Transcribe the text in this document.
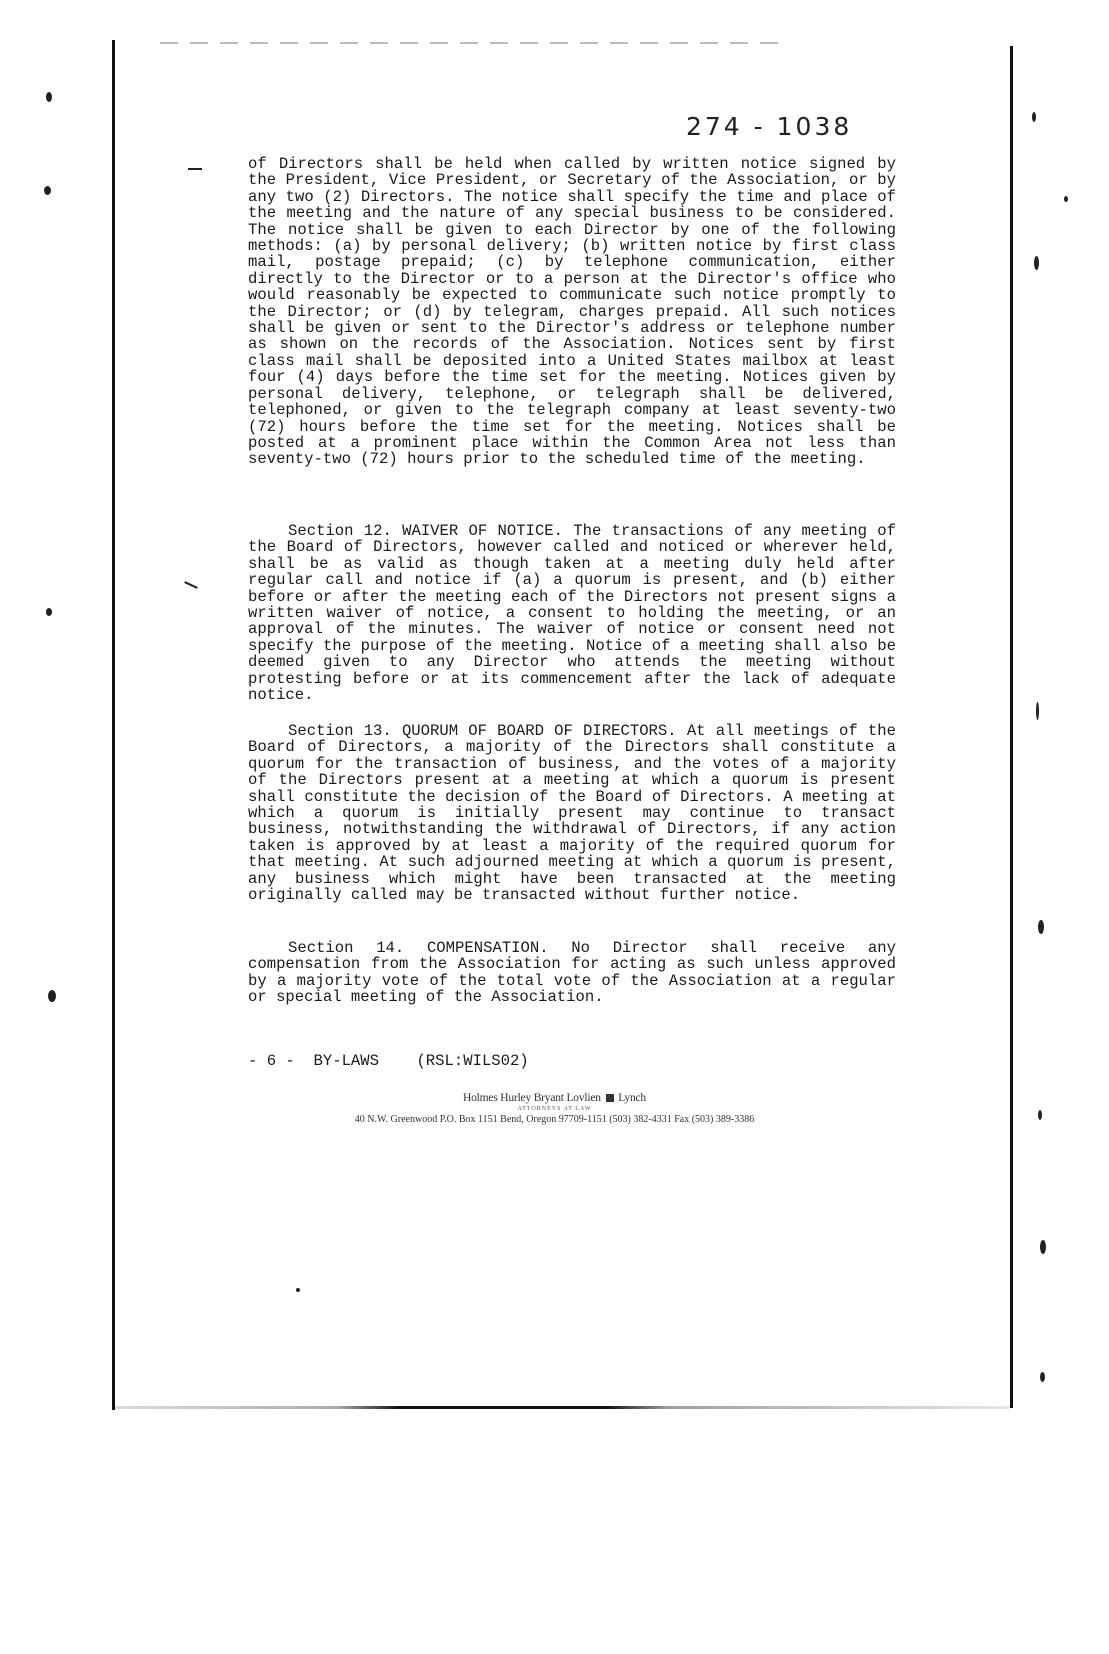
274 - 1038

of Directors shall be held when called by written notice signed by the President, Vice President, or Secretary of the Association, or by any two (2) Directors. The notice shall specify the time and place of the meeting and the nature of any special business to be considered. The notice shall be given to each Director by one of the following methods: (a) by personal delivery; (b) written notice by first class mail, postage prepaid; (c) by telephone communication, either directly to the Director or to a person at the Director's office who would reasonably be expected to communicate such notice promptly to the Director; or (d) by telegram, charges prepaid. All such notices shall be given or sent to the Director's address or telephone number as shown on the records of the Association. Notices sent by first class mail shall be deposited into a United States mailbox at least four (4) days before the time set for the meeting. Notices given by personal delivery, telephone, or telegraph shall be delivered, telephoned, or given to the telegraph company at least seventy-two (72) hours before the time set for the meeting. Notices shall be posted at a prominent place within the Common Area not less than seventy-two (72) hours prior to the scheduled time of the meeting.

Section 12. WAIVER OF NOTICE. The transactions of any meeting of the Board of Directors, however called and noticed or wherever held, shall be as valid as though taken at a meeting duly held after regular call and notice if (a) a quorum is present, and (b) either before or after the meeting each of the Directors not present signs a written waiver of notice, a consent to holding the meeting, or an approval of the minutes. The waiver of notice or consent need not specify the purpose of the meeting. Notice of a meeting shall also be deemed given to any Director who attends the meeting without protesting before or at its commencement after the lack of adequate notice.

Section 13. QUORUM OF BOARD OF DIRECTORS. At all meetings of the Board of Directors, a majority of the Directors shall constitute a quorum for the transaction of business, and the votes of a majority of the Directors present at a meeting at which a quorum is present shall constitute the decision of the Board of Directors. A meeting at which a quorum is initially present may continue to transact business, notwithstanding the withdrawal of Directors, if any action taken is approved by at least a majority of the required quorum for that meeting. At such adjourned meeting at which a quorum is present, any business which might have been transacted at the meeting originally called may be transacted without further notice.

Section 14. COMPENSATION. No Director shall receive any compensation from the Association for acting as such unless approved by a majority vote of the total vote of the Association at a regular or special meeting of the Association.

- 6 -  BY-LAWS    (RSL:WILS02)
Holmes Hurley Bryant Lovlien Lynch
ATTORNEYS AT LAW
40 N.W. Greenwood P.O. Box 1151 Bend, Oregon 97709-1151 (503) 382-4331 Fax (503) 389-3386
